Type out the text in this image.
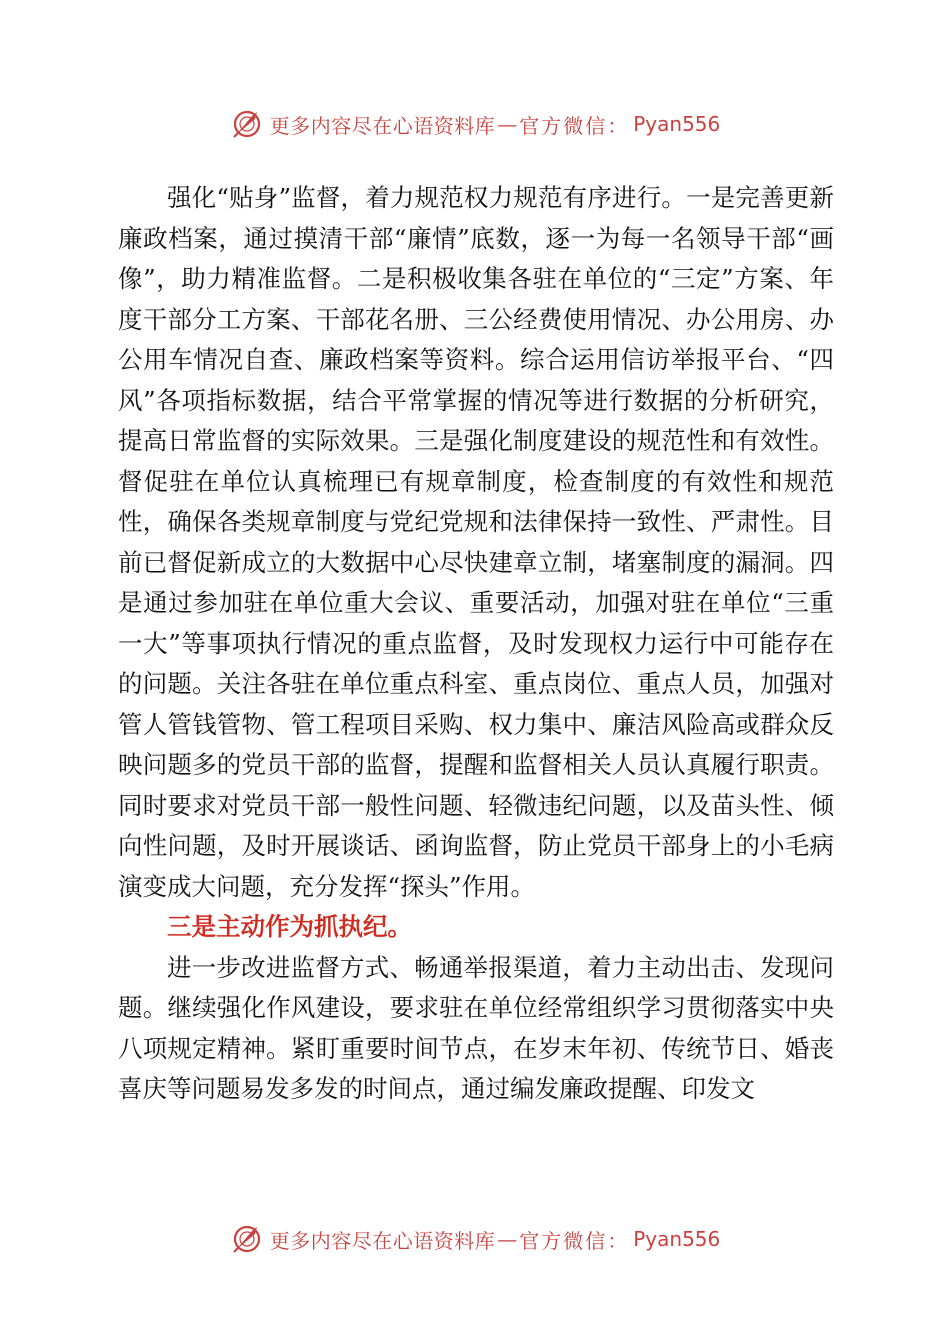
更多内容尽在心语资料库 — 官方微信： Pyan556

强化“贴身”监督，着力规范权力规范有序进行。一是完善更新廉政档案，通过摸清干部“廉情”底数，逐一为每一名领导干部“画像”，助力精准监督。二是积极收集各驻在单位的“三定”方案、年度干部分工方案、干部花名册、三公经费使用情况、办公用房、办公用车情况自查、廉政档案等资料。综合运用信访举报平台、“四风”各项指标数据，结合平常掌握的情况等进行数据的分析研究，提高日常监督的实际效果。三是强化制度建设的规范性和有效性。督促驻在单位认真梳理已有规章制度，检查制度的有效性和规范性，确保各类规章制度与党纪党规和法律保持一致性、严肃性。目前已督促新成立的大数据中心尽快建章立制，堵塞制度的漏洞。四是通过参加驻在单位重大会议、重要活动，加强对驻在单位“三重一大”等事项执行情况的重点监督，及时发现权力运行中可能存在的问题。关注各驻在单位重点科室、重点岗位、重点人员，加强对管人管钱管物、管工程项目采购、权力集中、廉洁风险高或群众反映问题多的党员干部的监督，提醒和监督相关人员认真履行职责。同时要求对党员干部一般性问题、轻微违纪问题，以及苗头性、倾向性问题，及时开展谈话、函询监督，防止党员干部身上的小毛病演变成大问题，充分发挥“探头”作用。

三是主动作为抓执纪。

进一步改进监督方式、畅通举报渠道，着力主动出击、发现问题。继续强化作风建设，要求驻在单位经常组织学习贯彻落实中央八项规定精神。紧盯重要时间节点，在岁末年初、传统节日、婚丧喜庆等问题易发多发的时间点，通过编发廉政提醒、印发文

更多内容尽在心语资料库 — 官方微信： Pyan556
